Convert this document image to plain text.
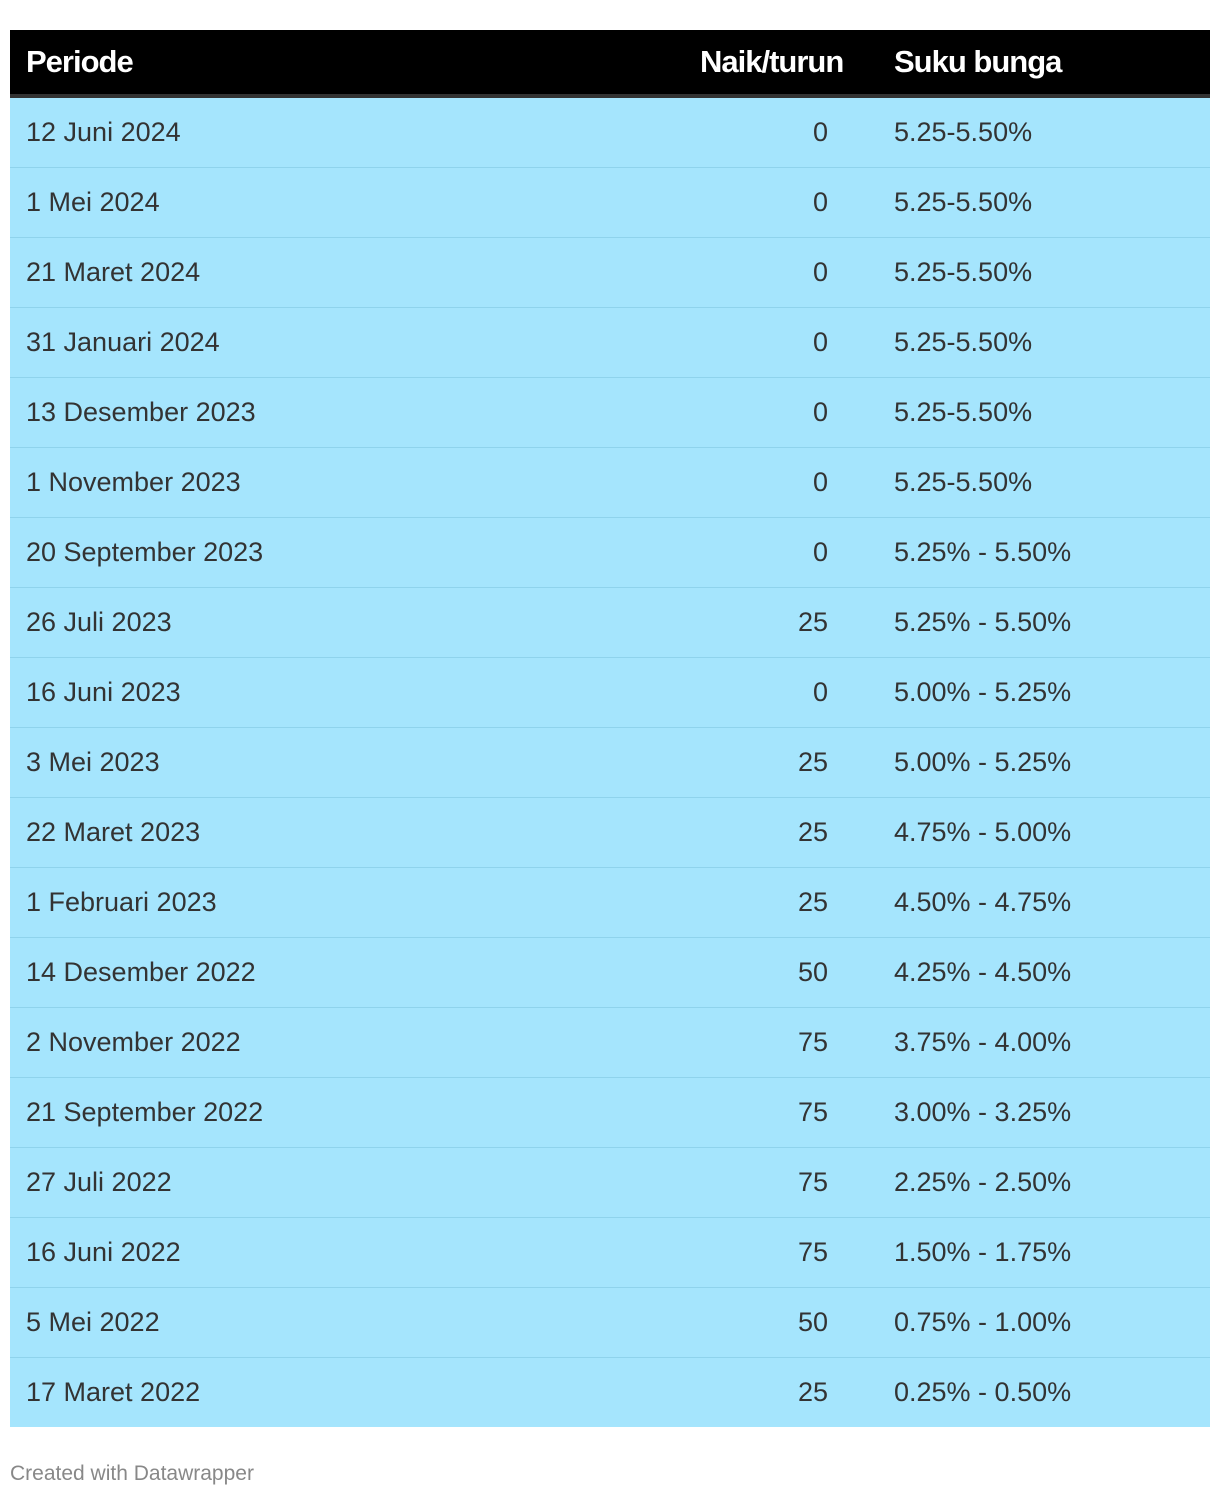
Periode	Naik/turun	Suku bunga
12 Juni 2024	0	5.25-5.50%
1 Mei 2024	0	5.25-5.50%
21 Maret 2024	0	5.25-5.50%
31 Januari 2024	0	5.25-5.50%
13 Desember 2023	0	5.25-5.50%
1 November 2023	0	5.25-5.50%
20 September 2023	0	5.25% - 5.50%
26 Juli 2023	25	5.25% - 5.50%
16 Juni 2023	0	5.00% - 5.25%
3 Mei 2023	25	5.00% - 5.25%
22 Maret 2023	25	4.75% - 5.00%
1 Februari 2023	25	4.50% - 4.75%
14 Desember 2022	50	4.25% - 4.50%
2 November 2022	75	3.75% - 4.00%
21 September 2022	75	3.00% - 3.25%
27 Juli 2022	75	2.25% - 2.50%
16 Juni 2022	75	1.50% - 1.75%
5 Mei 2022	50	0.75% - 1.00%
17 Maret 2022	25	0.25% - 0.50%
Created with Datawrapper
